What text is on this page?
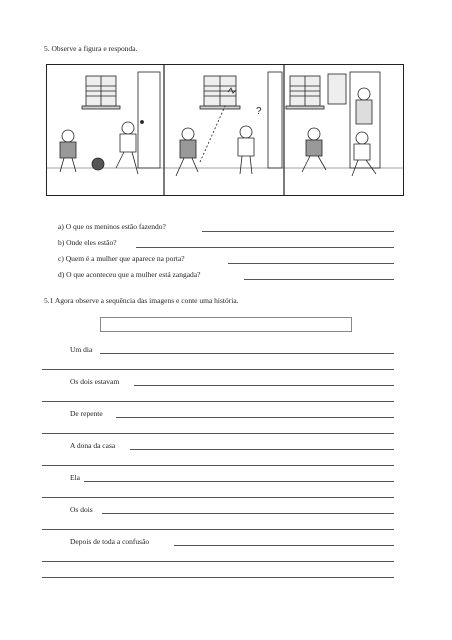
5. Observe a figura e responda.
?
a) O que os meninos estão fazendo?
b) Onde eles estão?
c) Quem é a mulher que aparece na porta?
d) O que aconteceu que a mulher está zangada?
5.1 Agora observe a sequência das imagens e conte uma história.
Um dia
Os dois estavam
De repente
A dona da casa
Ela
Os dois
Depois de toda a confusão
